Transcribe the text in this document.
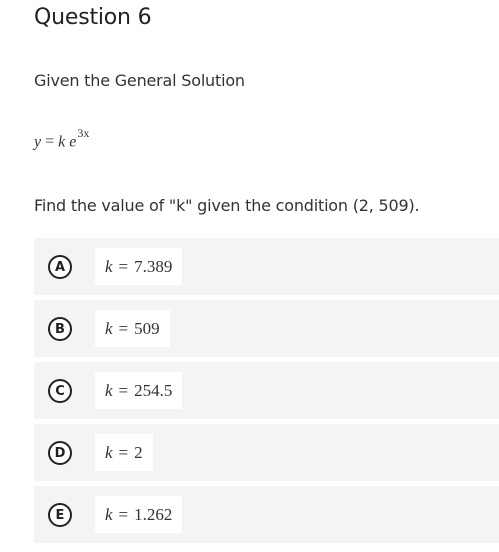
Question 6
Given the General Solution
y = k $e^{3x}$
Find the value of "k" given the condition (2, 509).
A	k = 7.389
B	k = 509
C	k = 254.5
D	k = 2
E	k = 1.262
